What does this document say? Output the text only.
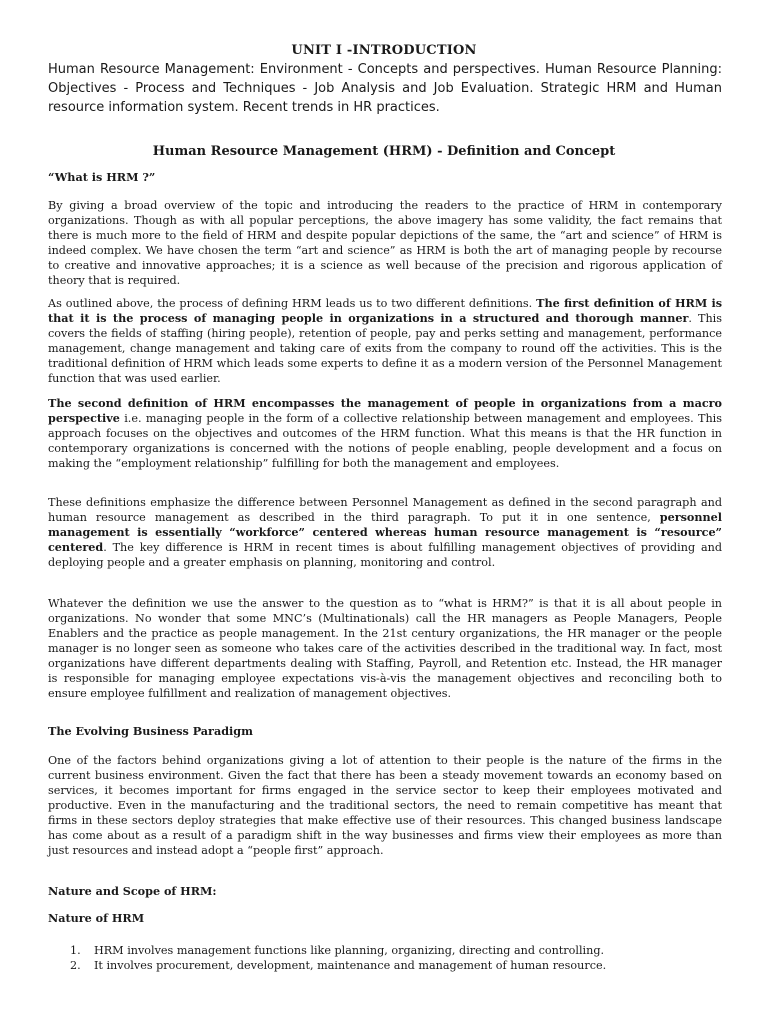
UNIT I -INTRODUCTION
Human Resource Management: Environment - Concepts and perspectives. Human Resource Planning: Objectives - Process and Techniques - Job Analysis and Job Evaluation. Strategic HRM and Human resource information system. Recent trends in HR practices.
Human Resource Management (HRM) - Definition and Concept
“What is HRM ?”
By giving a broad overview of the topic and introducing the readers to the practice of HRM in contemporary organizations. Though as with all popular perceptions, the above imagery has some validity, the fact remains that there is much more to the field of HRM and despite popular depictions of the same, the “art and science” of HRM is indeed complex. We have chosen the term “art and science” as HRM is both the art of managing people by recourse to creative and innovative approaches; it is a science as well because of the precision and rigorous application of theory that is required.
As outlined above, the process of defining HRM leads us to two different definitions. The first definition of HRM is that it is the process of managing people in organizations in a structured and thorough manner. This covers the fields of staffing (hiring people), retention of people, pay and perks setting and management, performance management, change management and taking care of exits from the company to round off the activities. This is the traditional definition of HRM which leads some experts to define it as a modern version of the Personnel Management function that was used earlier.
The second definition of HRM encompasses the management of people in organizations from a macro perspective i.e. managing people in the form of a collective relationship between management and employees. This approach focuses on the objectives and outcomes of the HRM function. What this means is that the HR function in contemporary organizations is concerned with the notions of people enabling, people development and a focus on making the “employment relationship” fulfilling for both the management and employees.
These definitions emphasize the difference between Personnel Management as defined in the second paragraph and human resource management as described in the third paragraph. To put it in one sentence, personnel management is essentially “workforce” centered whereas human resource management is “resource” centered. The key difference is HRM in recent times is about fulfilling management objectives of providing and deploying people and a greater emphasis on planning, monitoring and control.
Whatever the definition we use the answer to the question as to “what is HRM?” is that it is all about people in organizations. No wonder that some MNC’s (Multinationals) call the HR managers as People Managers, People Enablers and the practice as people management. In the 21st century organizations, the HR manager or the people manager is no longer seen as someone who takes care of the activities described in the traditional way. In fact, most organizations have different departments dealing with Staffing, Payroll, and Retention etc. Instead, the HR manager is responsible for managing employee expectations vis-à-vis the management objectives and reconciling both to ensure employee fulfillment and realization of management objectives.
The Evolving Business Paradigm
One of the factors behind organizations giving a lot of attention to their people is the nature of the firms in the current business environment. Given the fact that there has been a steady movement towards an economy based on services, it becomes important for firms engaged in the service sector to keep their employees motivated and productive. Even in the manufacturing and the traditional sectors, the need to remain competitive has meant that firms in these sectors deploy strategies that make effective use of their resources. This changed business landscape has come about as a result of a paradigm shift in the way businesses and firms view their employees as more than just resources and instead adopt a “people first” approach.
Nature and Scope of HRM:
Nature of HRM
1. HRM involves management functions like planning, organizing, directing and controlling.
2. It involves procurement, development, maintenance and management of human resource.
